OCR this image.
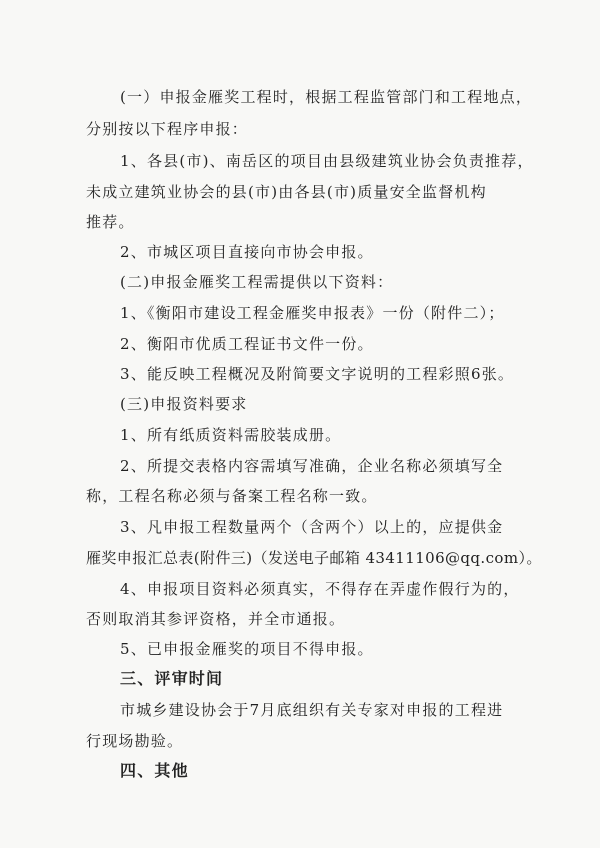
(一）申报金雁奖工程时，根据工程监管部门和工程地点，
分别按以下程序申报：
1、各县(市)、南岳区的项目由县级建筑业协会负责推荐，
未成立建筑业协会的县(市)由各县(市)质量安全监督机构
推荐。
2、市城区项目直接向市协会申报。
(二)申报金雁奖工程需提供以下资料：
1、《衡阳市建设工程金雁奖申报表》一份（附件二）；
2、衡阳市优质工程证书文件一份。
3、能反映工程概况及附简要文字说明的工程彩照6张。
(三)申报资料要求
1、所有纸质资料需胶装成册。
2、所提交表格内容需填写准确，企业名称必须填写全
称，工程名称必须与备案工程名称一致。
3、凡申报工程数量两个（含两个）以上的，应提供金
雁奖申报汇总表(附件三)（发送电子邮箱 43411106@qq.com）。
4、申报项目资料必须真实，不得存在弄虚作假行为的，
否则取消其参评资格，并全市通报。
5、已申报金雁奖的项目不得申报。
三、评审时间
市城乡建设协会于7月底组织有关专家对申报的工程进
行现场勘验。
四、其他
